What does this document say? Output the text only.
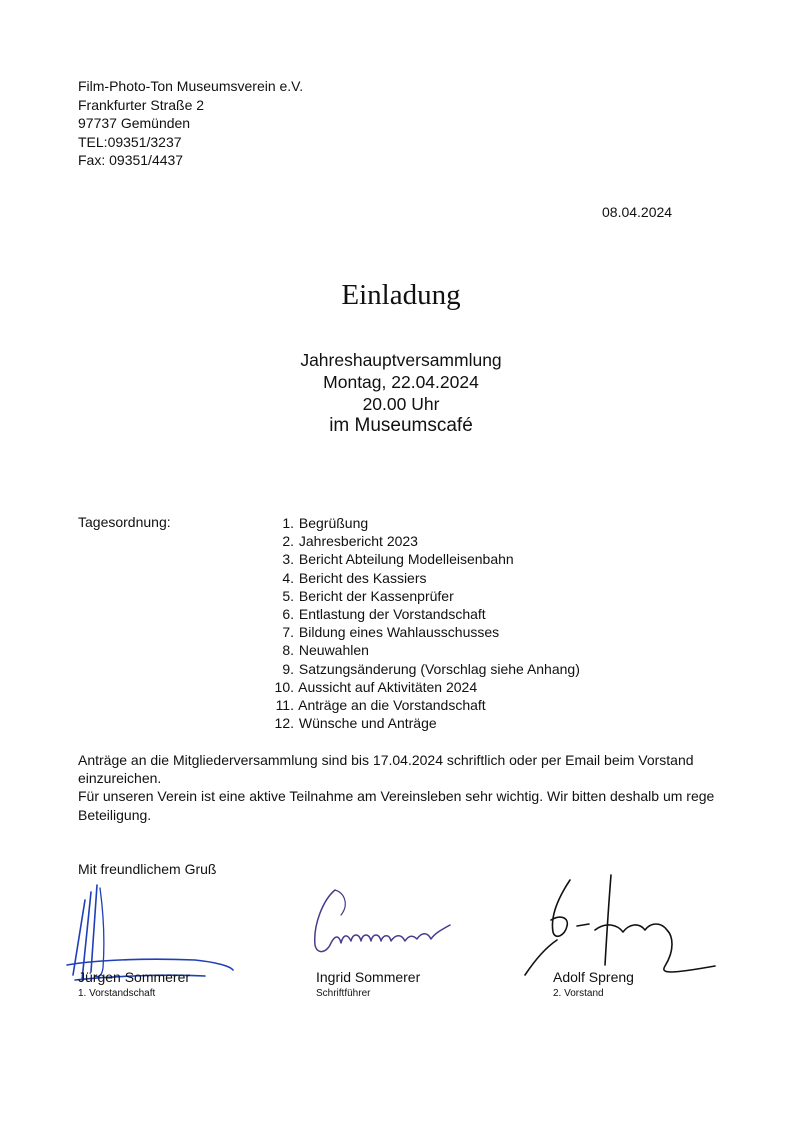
Film-Photo-Ton Museumsverein e.V.
Frankfurter Straße 2
97737 Gemünden
TEL:09351/3237
Fax: 09351/4437
08.04.2024
Einladung
Jahreshauptversammlung
Montag, 22.04.2024
20.00 Uhr
im Museumscafé
Tagesordnung:	1. Begrüßung
2. Jahresbericht 2023
3. Bericht Abteilung Modelleisenbahn
4. Bericht des Kassiers
5. Bericht der Kassenprüfer
6. Entlastung der Vorstandschaft
7. Bildung eines Wahlausschusses
8. Neuwahlen
9. Satzungsänderung (Vorschlag siehe Anhang)
10. Aussicht auf Aktivitäten 2024
11. Anträge an die Vorstandschaft
12. Wünsche und Anträge

Anträge an die Mitgliederversammlung sind bis 17.04.2024 schriftlich oder per Email beim Vorstand einzureichen.

Für unseren Verein ist eine aktive Teilnahme am Vereinsleben sehr wichtig. Wir bitten deshalb um rege Beteiligung.

Mit freundlichem Gruß
Jürgen Sommerer
1. Vorstandschaft
Ingrid Sommerer
Schriftführer
Adolf Spreng
2. Vorstand
